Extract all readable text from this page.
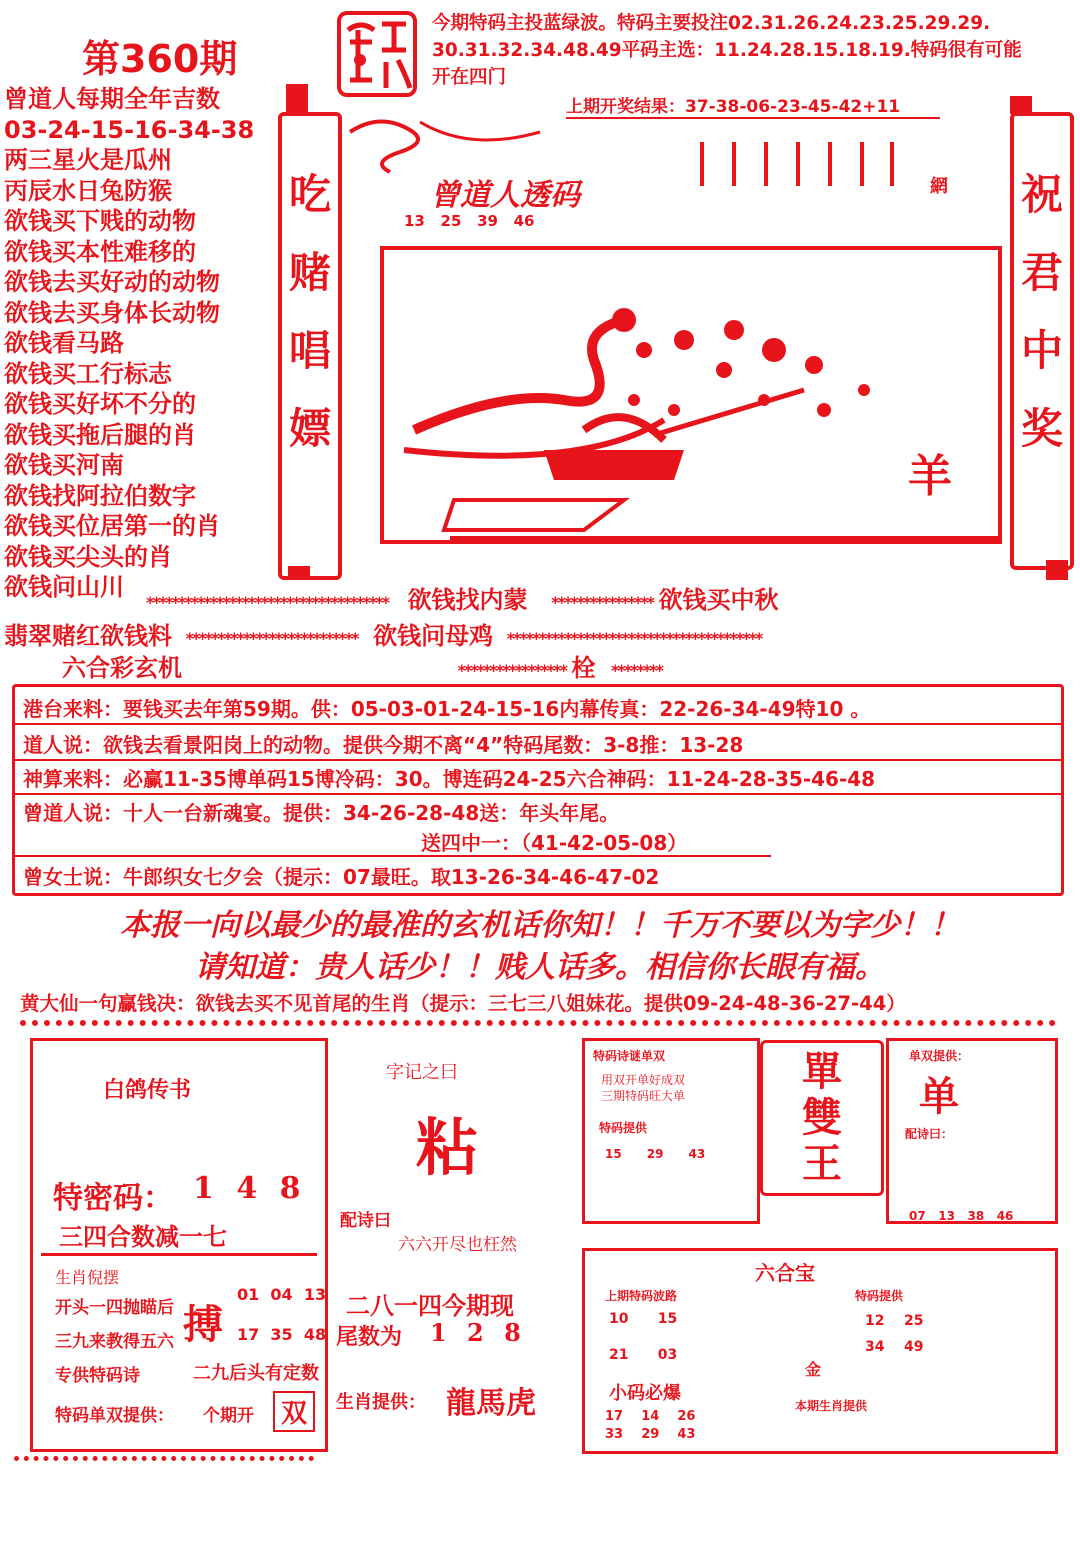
第360期
今期特码主投蓝绿波。特码主要投注02.31.26.24.23.25.29.29.
30.31.32.34.48.49平码主选：11.24.28.15.18.19.特码很有可能
开在四门
上期开奖结果：37-38-06-23-45-42+11
曾道人每期全年吉数
03-24-15-16-34-38
两三星火是瓜州
丙辰水日兔防猴
欲钱买下贱的动物
欲钱买本性难移的
欲钱去买好动的动物
欲钱去买身体长动物
欲钱看马路
欲钱买工行标志
欲钱买好坏不分的
欲钱买拖后腿的肖
欲钱买河南
欲钱找阿拉伯数字
欲钱买位居第一的肖
欲钱买尖头的肖
欲钱问山川
吃
赌
唱
嫖
祝
君
中
奖
曾道人透码
13   25   39   46
網
羊
************************************** 欲钱找内蒙 **************** 欲钱买中秋
翡翠赌红欲钱料 *************************** 欲钱问母鸡 ****************************************
六合彩玄机	***************** 栓 ********
港台来料：要钱买去年第59期。供：05-03-01-24-15-16内幕传真：22-26-34-49特10 。
道人说：欲钱去看景阳岗上的动物。提供今期不离“4”特码尾数：3-8推：13-28
神算来料：必赢11-35博单码15博冷码：30。博连码24-25六合神码：11-24-28-35-46-48
曾道人说：十人一台新魂宴。提供：34-26-28-48送：年头年尾。
送四中一：（41-42-05-08）
曾女士说：牛郎织女七夕会（提示：07最旺。取13-26-34-46-47-02
本报一向以最少的最准的玄机话你知！！千万不要以为字少！！
请知道：贵人话少！！贱人话多。相信你长眼有福。
黄大仙一句赢钱决：欲钱去买不见首尾的生肖（提示：三七三八姐妹花。提供09-24-48-36-27-44）
白鸽传书
特密码： 1 4 8
三四合数减一七
生肖倪摆
开头一四抛瞄后
三九来教得五六 搏
01  04  13
17  35  48
专供特码诗	二九后头有定数
特码单双提供： 个期开	双
字记之曰
粘
配诗曰
六六开尽也枉然
二八一四今期现
尾数为 1 2 8
生肖提供： 龍馬虎
特码诗谜单双
用双开单好成双
三期特码旺大单
特码提供
15      29      43
單
雙
王
单双提供：
单
配诗曰：
07   13   38   46
六合宝
上期特码波路
10      15
21      03
小码必爆
17    14    26
33    29    43
特码提供
12    25
34    49
金
本期生肖提供
